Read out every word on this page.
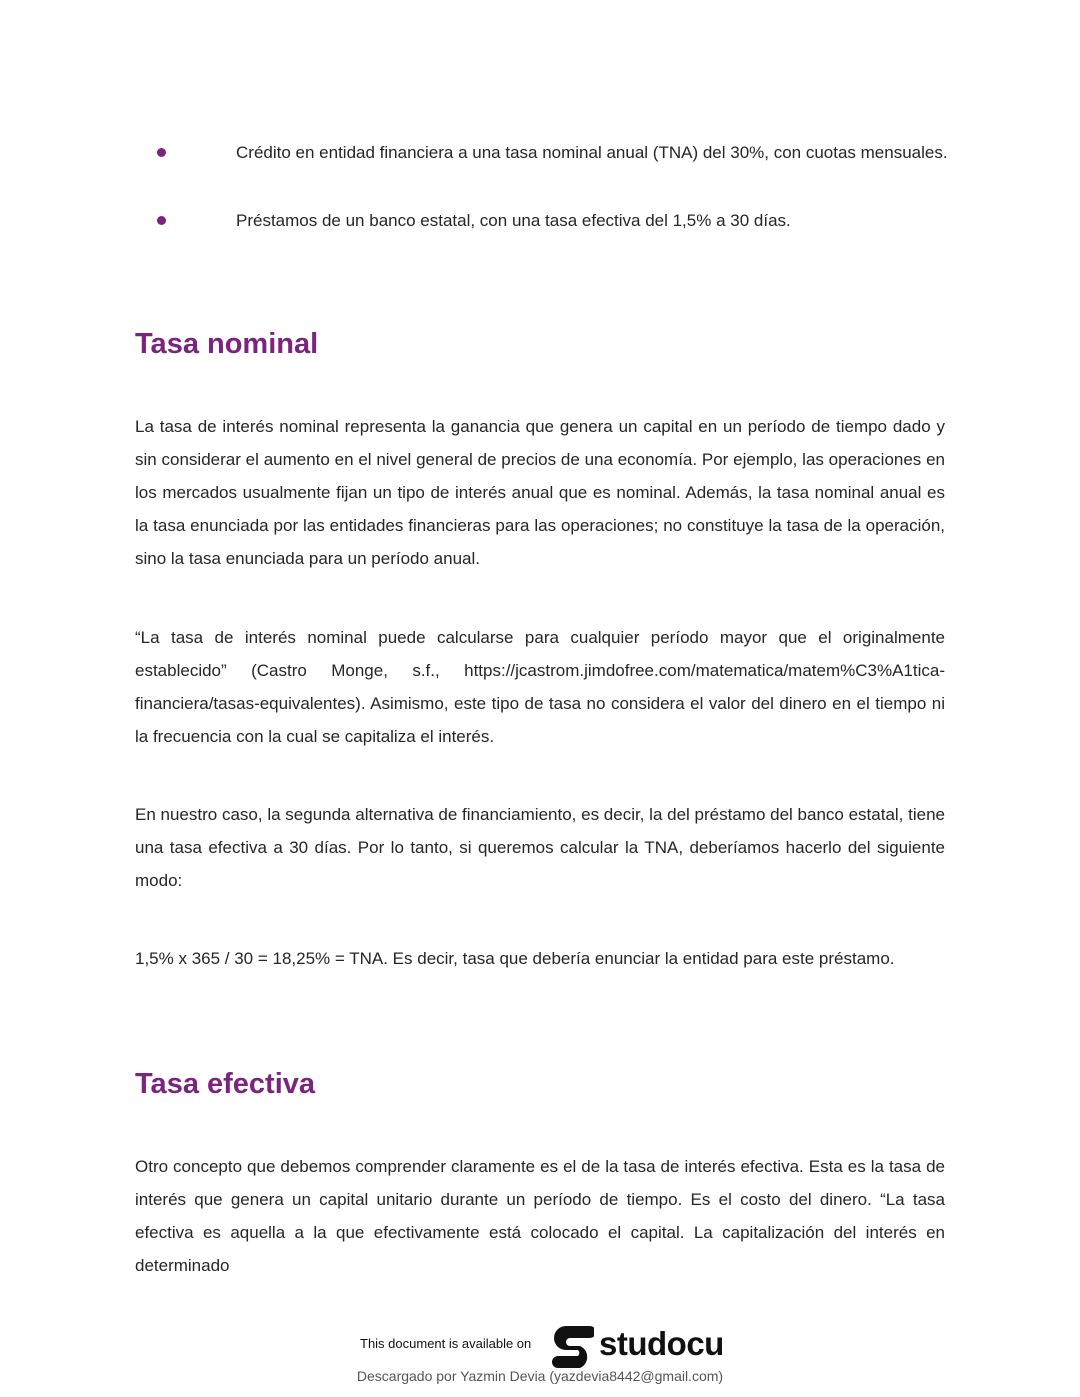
Crédito en entidad financiera a una tasa nominal anual (TNA) del 30%, con cuotas mensuales.
Préstamos de un banco estatal, con una tasa efectiva del 1,5% a 30 días.
Tasa nominal

La tasa de interés nominal representa la ganancia que genera un capital en un período de tiempo dado y sin considerar el aumento en el nivel general de precios de una economía. Por ejemplo, las operaciones en los mercados usualmente fijan un tipo de interés anual que es nominal. Además, la tasa nominal anual es la tasa enunciada por las entidades financieras para las operaciones; no constituye la tasa de la operación, sino la tasa enunciada para un período anual.

“La tasa de interés nominal puede calcularse para cualquier período mayor que el originalmente establecido” (Castro Monge, s.f., https://jcastrom.jimdofree.com/matematica/matem%C3%A1tica-financiera/tasas-equivalentes). Asimismo, este tipo de tasa no considera el valor del dinero en el tiempo ni la frecuencia con la cual se capitaliza el interés.

En nuestro caso, la segunda alternativa de financiamiento, es decir, la del préstamo del banco estatal, tiene una tasa efectiva a 30 días. Por lo tanto, si queremos calcular la TNA, deberíamos hacerlo del siguiente modo:

1,5% x 365 / 30 = 18,25% = TNA. Es decir, tasa que debería enunciar la entidad para este préstamo.

Tasa efectiva

Otro concepto que debemos comprender claramente es el de la tasa de interés efectiva. Esta es la tasa de interés que genera un capital unitario durante un período de tiempo. Es el costo del dinero. “La tasa efectiva es aquella a la que efectivamente está colocado el capital. La capitalización del interés en determinado

This document is available on studocu
Descargado por Yazmin Devia (yazdevia8442@gmail.com)
